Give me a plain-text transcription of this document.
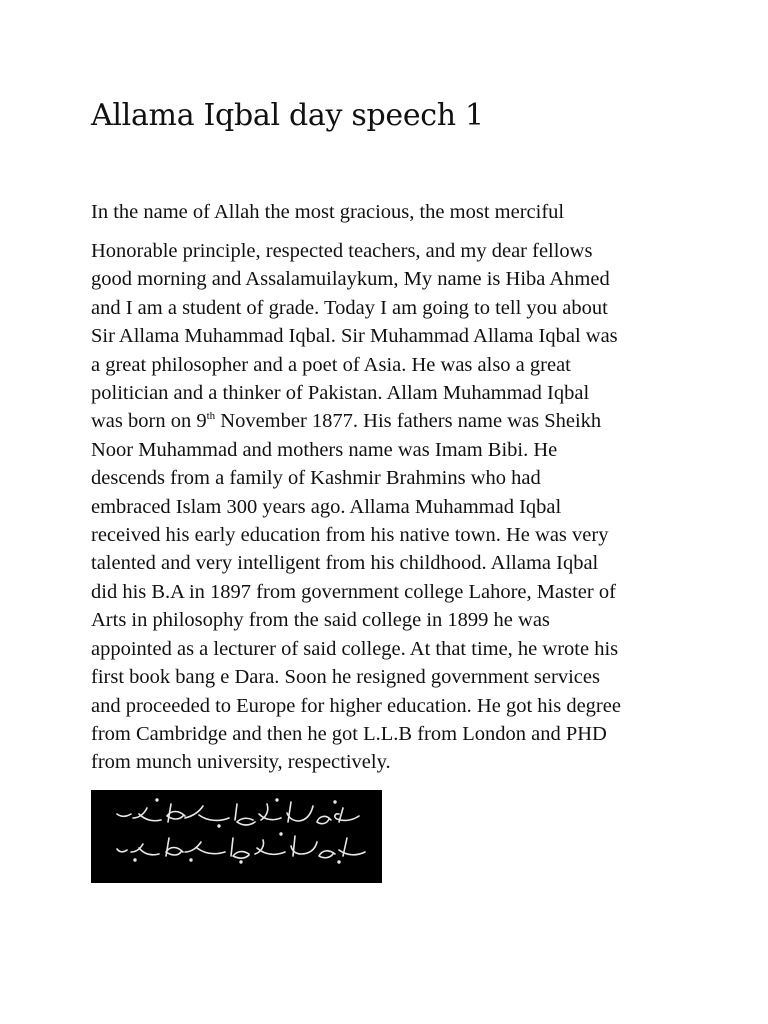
Allama Iqbal day speech 1

In the name of Allah the most gracious, the most merciful

Honorable principle, respected teachers, and my dear fellows
good morning and Assalamuilaykum, My name is Hiba Ahmed
and I am a student of grade. Today I am going to tell you about
Sir Allama Muhammad Iqbal. Sir Muhammad Allama Iqbal was
a great philosopher and a poet of Asia. He was also a great
politician and a thinker of Pakistan. Allam Muhammad Iqbal
was born on 9th November 1877. His fathers name was Sheikh
Noor Muhammad and mothers name was Imam Bibi. He
descends from a family of Kashmir Brahmins who had
embraced Islam 300 years ago. Allama Muhammad Iqbal
received his early education from his native town. He was very
talented and very intelligent from his childhood. Allama Iqbal
did his B.A in 1897 from government college Lahore, Master of
Arts in philosophy from the said college in 1899 he was
appointed as a lecturer of said college. At that time, he wrote his
first book bang e Dara. Soon he resigned government services
and proceeded to Europe for higher education. He got his degree
from Cambridge and then he got L.L.B from London and PHD
from munch university, respectively.
